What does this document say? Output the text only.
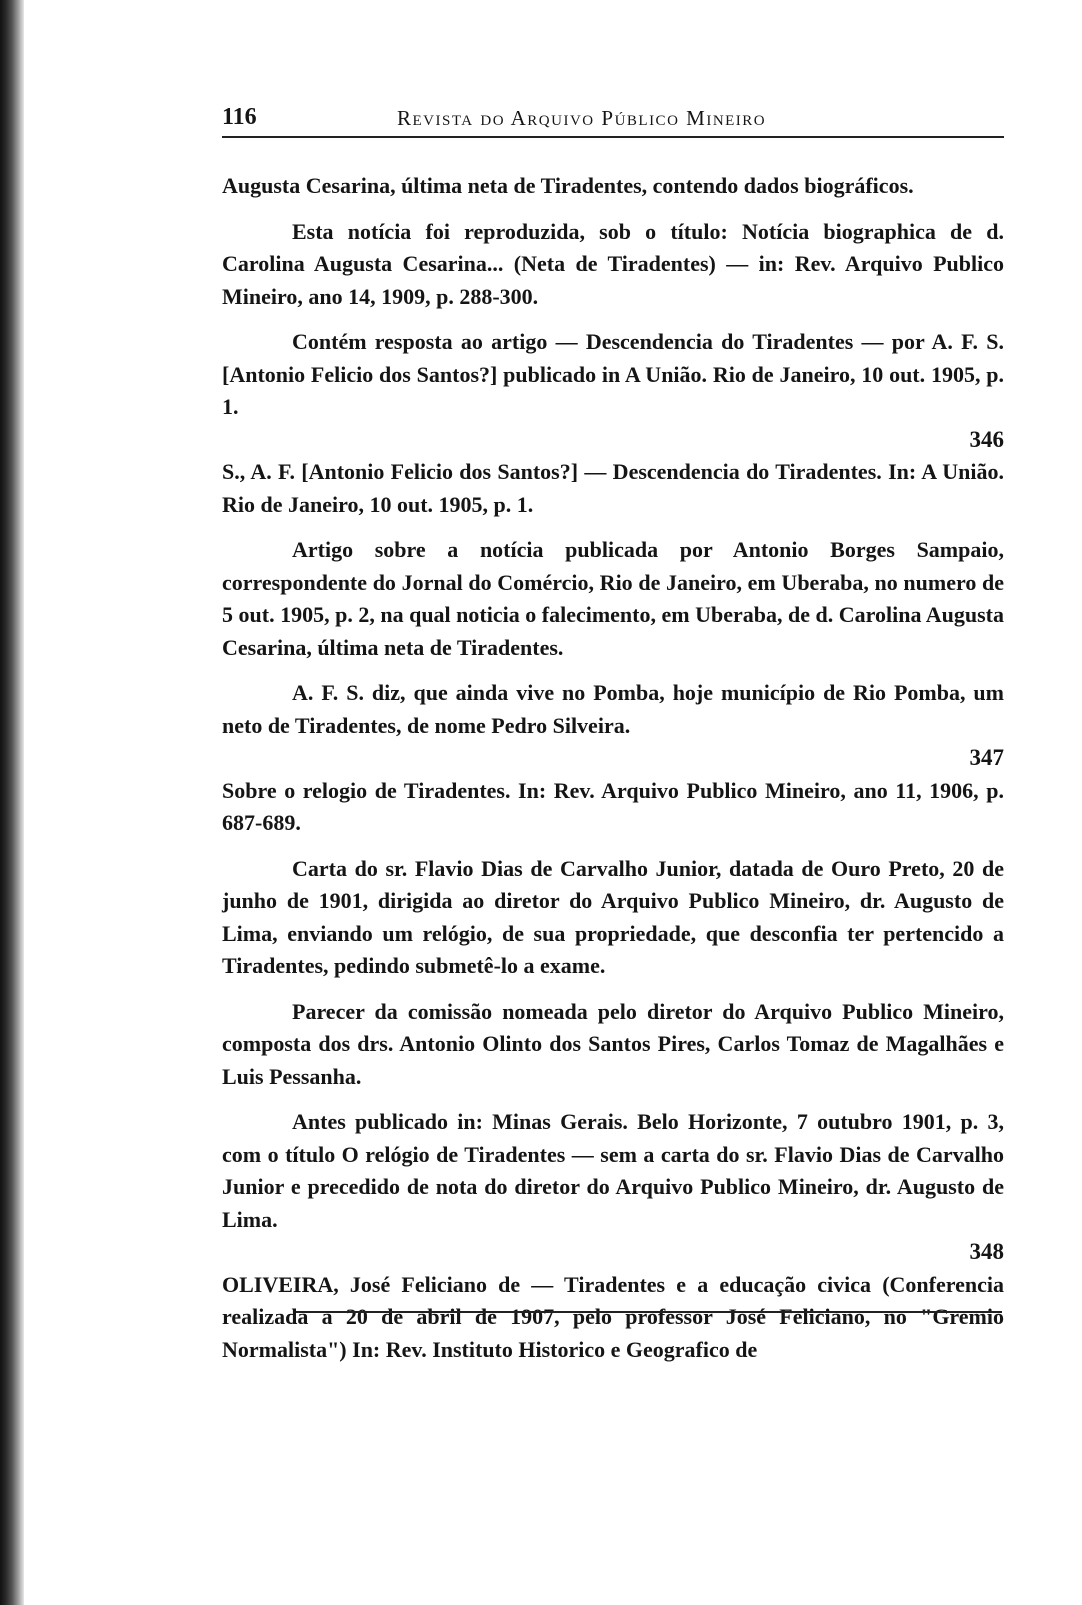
116	Revista do Arquivo Público Mineiro

Augusta Cesarina, última neta de Tiradentes, contendo dados biográficos.

Esta notícia foi reproduzida, sob o título: Notícia biographica de d. Carolina Augusta Cesarina... (Neta de Tiradentes) — in: Rev. Arquivo Publico Mineiro, ano 14, 1909, p. 288-300.

Contém resposta ao artigo — Descendencia do Tiradentes — por A. F. S. [Antonio Felicio dos Santos?] publicado in A União. Rio de Janeiro, 10 out. 1905, p. 1.

346

S., A. F. [Antonio Felicio dos Santos?] — Descendencia do Tiradentes. In: A União. Rio de Janeiro, 10 out. 1905, p. 1.

Artigo sobre a notícia publicada por Antonio Borges Sampaio, correspondente do Jornal do Comércio, Rio de Janeiro, em Uberaba, no numero de 5 out. 1905, p. 2, na qual noticia o falecimento, em Uberaba, de d. Carolina Augusta Cesarina, última neta de Tiradentes.

A. F. S. diz, que ainda vive no Pomba, hoje município de Rio Pomba, um neto de Tiradentes, de nome Pedro Silveira.

347

Sobre o relogio de Tiradentes. In: Rev. Arquivo Publico Mineiro, ano 11, 1906, p. 687-689.

Carta do sr. Flavio Dias de Carvalho Junior, datada de Ouro Preto, 20 de junho de 1901, dirigida ao diretor do Arquivo Publico Mineiro, dr. Augusto de Lima, enviando um relógio, de sua propriedade, que desconfia ter pertencido a Tiradentes, pedindo submetê-lo a exame.

Parecer da comissão nomeada pelo diretor do Arquivo Publico Mineiro, composta dos drs. Antonio Olinto dos Santos Pires, Carlos Tomaz de Magalhães e Luis Pessanha.

Antes publicado in: Minas Gerais. Belo Horizonte, 7 outubro 1901, p. 3, com o título O relógio de Tiradentes — sem a carta do sr. Flavio Dias de Carvalho Junior e precedido de nota do diretor do Arquivo Publico Mineiro, dr. Augusto de Lima.

348

OLIVEIRA, José Feliciano de — Tiradentes e a educação civica (Conferencia realizada a 20 de abril de 1907, pelo professor José Feliciano, no "Gremio Normalista") In: Rev. Instituto Historico e Geografico de
